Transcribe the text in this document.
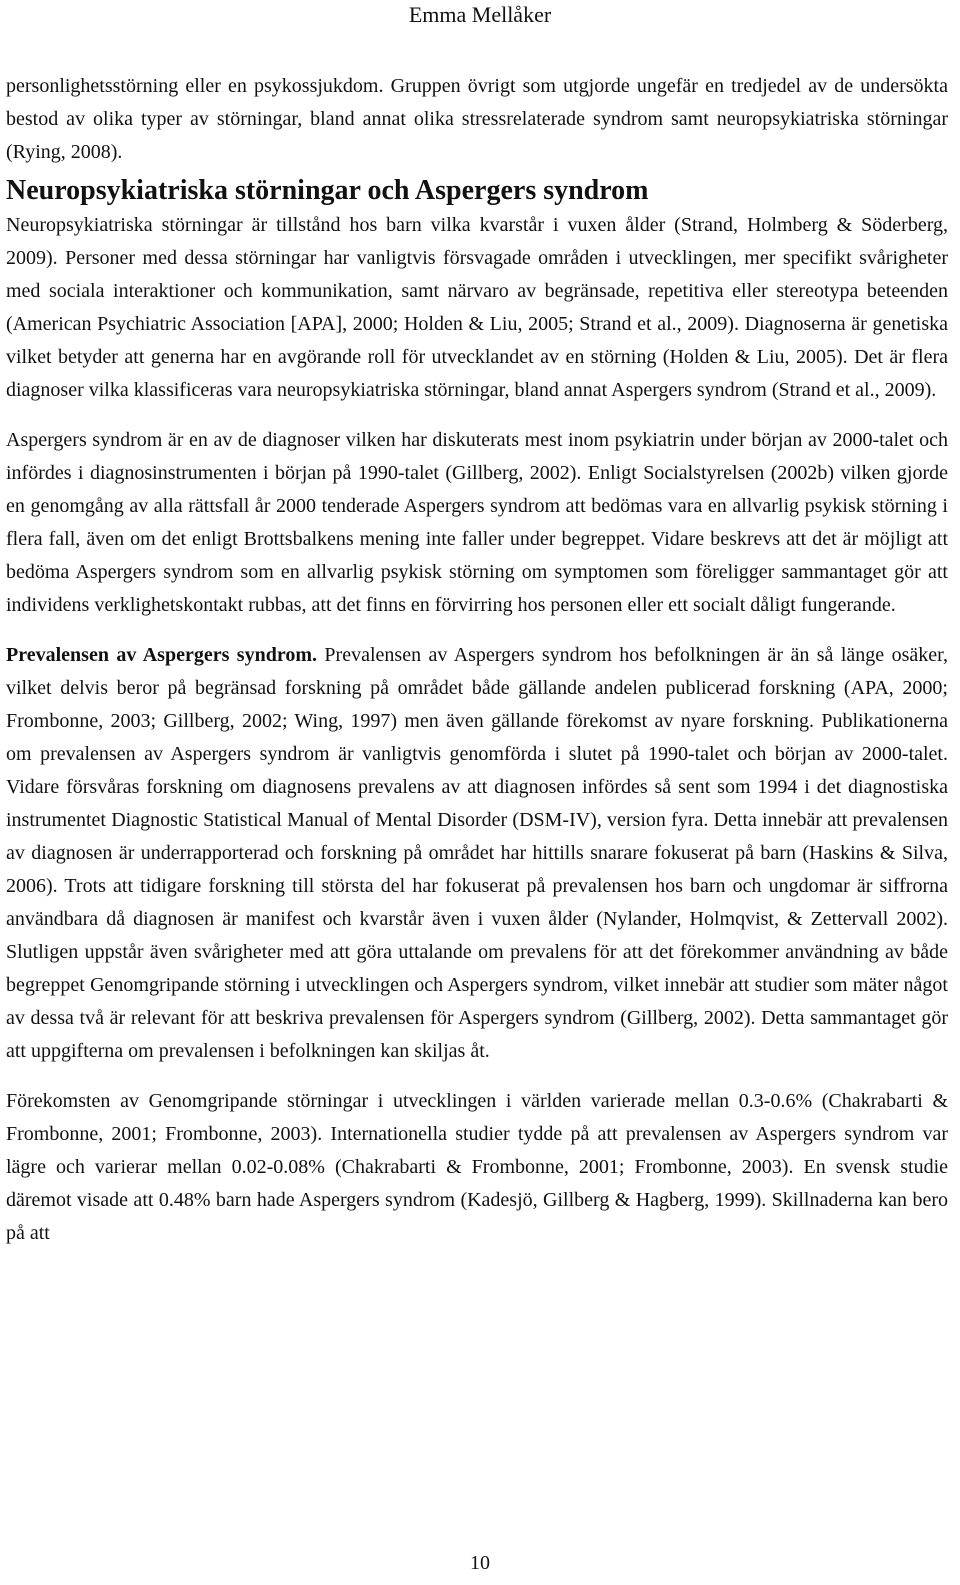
Emma Mellåker

personlighetsstörning eller en psykossjukdom. Gruppen övrigt som utgjorde ungefär en tredjedel av de undersökta bestod av olika typer av störningar, bland annat olika stressrelaterade syndrom samt neuropsykiatriska störningar (Rying, 2008).

Neuropsykiatriska störningar och Aspergers syndrom

Neuropsykiatriska störningar är tillstånd hos barn vilka kvarstår i vuxen ålder (Strand, Holmberg & Söderberg, 2009). Personer med dessa störningar har vanligtvis försvagade områden i utvecklingen, mer specifikt svårigheter med sociala interaktioner och kommunikation, samt närvaro av begränsade, repetitiva eller stereotypa beteenden (American Psychiatric Association [APA], 2000; Holden & Liu, 2005; Strand et al., 2009). Diagnoserna är genetiska vilket betyder att generna har en avgörande roll för utvecklandet av en störning (Holden & Liu, 2005). Det är flera diagnoser vilka klassificeras vara neuropsykiatriska störningar, bland annat Aspergers syndrom (Strand et al., 2009).

Aspergers syndrom är en av de diagnoser vilken har diskuterats mest inom psykiatrin under början av 2000-talet och infördes i diagnosinstrumenten i början på 1990-talet (Gillberg, 2002). Enligt Socialstyrelsen (2002b) vilken gjorde en genomgång av alla rättsfall år 2000 tenderade Aspergers syndrom att bedömas vara en allvarlig psykisk störning i flera fall, även om det enligt Brottsbalkens mening inte faller under begreppet. Vidare beskrevs att det är möjligt att bedöma Aspergers syndrom som en allvarlig psykisk störning om symptomen som föreligger sammantaget gör att individens verklighetskontakt rubbas, att det finns en förvirring hos personen eller ett socialt dåligt fungerande.

Prevalensen av Aspergers syndrom. Prevalensen av Aspergers syndrom hos befolkningen är än så länge osäker, vilket delvis beror på begränsad forskning på området både gällande andelen publicerad forskning (APA, 2000; Frombonne, 2003; Gillberg, 2002; Wing, 1997) men även gällande förekomst av nyare forskning. Publikationerna om prevalensen av Aspergers syndrom är vanligtvis genomförda i slutet på 1990-talet och början av 2000-talet. Vidare försvåras forskning om diagnosens prevalens av att diagnosen infördes så sent som 1994 i det diagnostiska instrumentet Diagnostic Statistical Manual of Mental Disorder (DSM-IV), version fyra. Detta innebär att prevalensen av diagnosen är underrapporterad och forskning på området har hittills snarare fokuserat på barn (Haskins & Silva, 2006). Trots att tidigare forskning till största del har fokuserat på prevalensen hos barn och ungdomar är siffrorna användbara då diagnosen är manifest och kvarstår även i vuxen ålder (Nylander, Holmqvist, & Zettervall 2002). Slutligen uppstår även svårigheter med att göra uttalande om prevalens för att det förekommer användning av både begreppet Genomgripande störning i utvecklingen och Aspergers syndrom, vilket innebär att studier som mäter något av dessa två är relevant för att beskriva prevalensen för Aspergers syndrom (Gillberg, 2002). Detta sammantaget gör att uppgifterna om prevalensen i befolkningen kan skiljas åt.

Förekomsten av Genomgripande störningar i utvecklingen i världen varierade mellan 0.3-0.6% (Chakrabarti & Frombonne, 2001; Frombonne, 2003). Internationella studier tydde på att prevalensen av Aspergers syndrom var lägre och varierar mellan 0.02-0.08% (Chakrabarti & Frombonne, 2001; Frombonne, 2003). En svensk studie däremot visade att 0.48% barn hade Aspergers syndrom (Kadesjö, Gillberg & Hagberg, 1999). Skillnaderna kan bero på att

10
